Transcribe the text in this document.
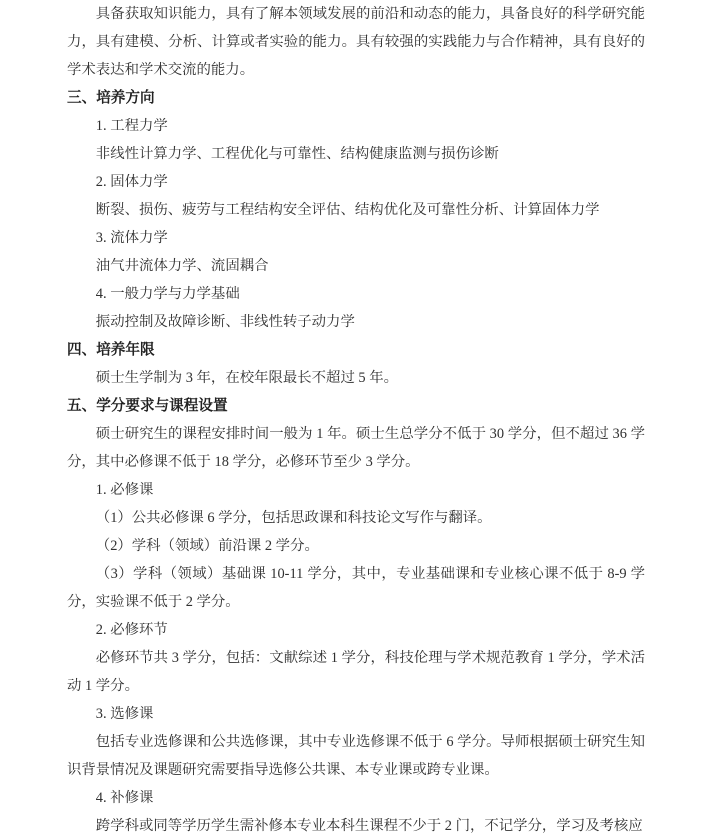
具备获取知识能力，具有了解本领域发展的前沿和动态的能力，具备良好的科学研究能力，具有建模、分析、计算或者实验的能力。具有较强的实践能力与合作精神，具有良好的学术表达和学术交流的能力。
三、培养方向
1. 工程力学
非线性计算力学、工程优化与可靠性、结构健康监测与损伤诊断
2. 固体力学
断裂、损伤、疲劳与工程结构安全评估、结构优化及可靠性分析、计算固体力学
3. 流体力学
油气井流体力学、流固耦合
4. 一般力学与力学基础
振动控制及故障诊断、非线性转子动力学
四、培养年限
硕士生学制为 3 年，在校年限最长不超过 5 年。
五、学分要求与课程设置
硕士研究生的课程安排时间一般为 1 年。硕士生总学分不低于 30 学分，但不超过 36 学分，其中必修课不低于 18 学分，必修环节至少 3 学分。
1. 必修课
（1）公共必修课 6 学分，包括思政课和科技论文写作与翻译。
（2）学科（领域）前沿课 2 学分。
（3）学科（领域）基础课 10-11 学分，其中，专业基础课和专业核心课不低于 8-9 学分，实验课不低于 2 学分。
2. 必修环节
必修环节共 3 学分，包括：文献综述 1 学分，科技伦理与学术规范教育 1 学分，学术活动 1 学分。
3. 选修课
包括专业选修课和公共选修课，其中专业选修课不低于 6 学分。导师根据硕士研究生知识背景情况及课题研究需要指导选修公共课、本专业课或跨专业课。
4. 补修课
跨学科或同等学历学生需补修本专业本科生课程不少于 2 门，不记学分，学习及考核应
